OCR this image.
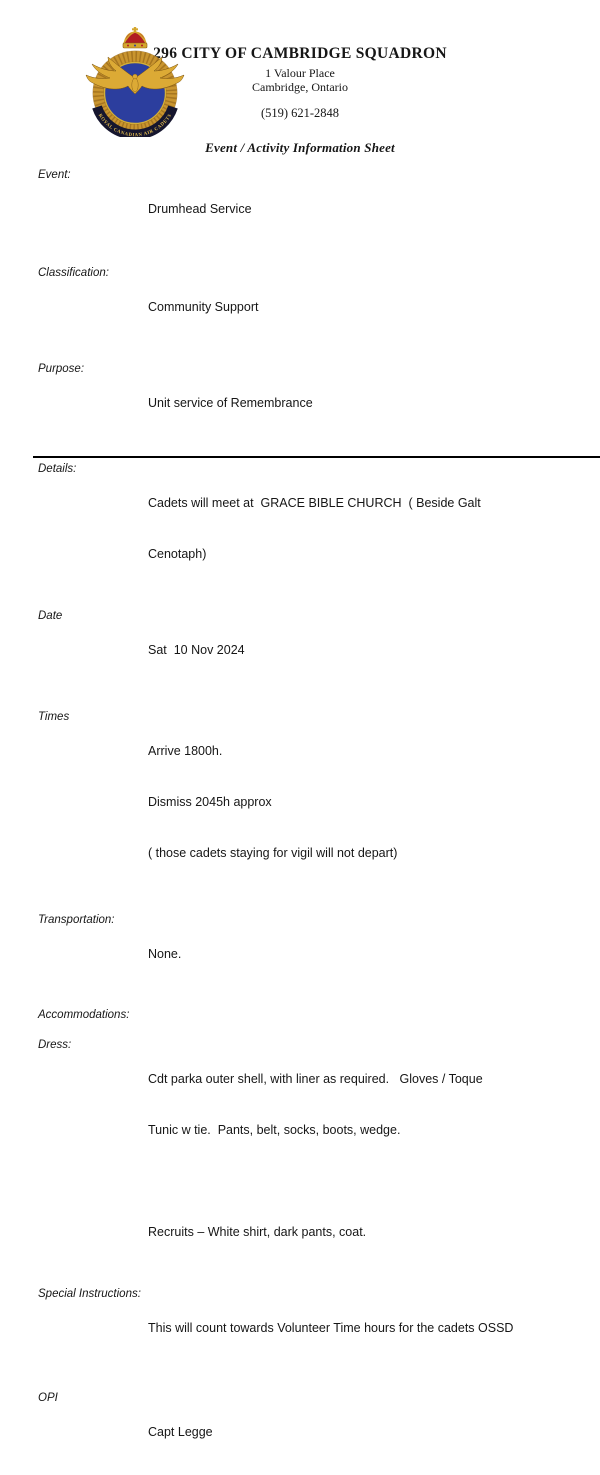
ROYAL CANADIAN AIR CADETS
296 CITY OF CAMBRIDGE SQUADRON
1 Valour Place
Cambridge, Ontario
(519) 621-2848
Event / Activity Information Sheet
Event:

Drumhead Service

Classification:

Community Support

Purpose:

Unit service of Remembrance

Details:

Cadets will meet at  GRACE BIBLE CHURCH  ( Beside Galt

Cenotaph)

Date

Sat  10 Nov 2024

Times

Arrive 1800h.

Dismiss 2045h approx

( those cadets staying for vigil will not depart)

Transportation:

None.

Accommodations:
Dress:

Cdt parka outer shell, with liner as required.   Gloves / Toque

Tunic w tie.  Pants, belt, socks, boots, wedge.

Recruits – White shirt, dark pants, coat.

Special Instructions:

This will count towards Volunteer Time hours for the cadets OSSD

OPI

Capt Legge
